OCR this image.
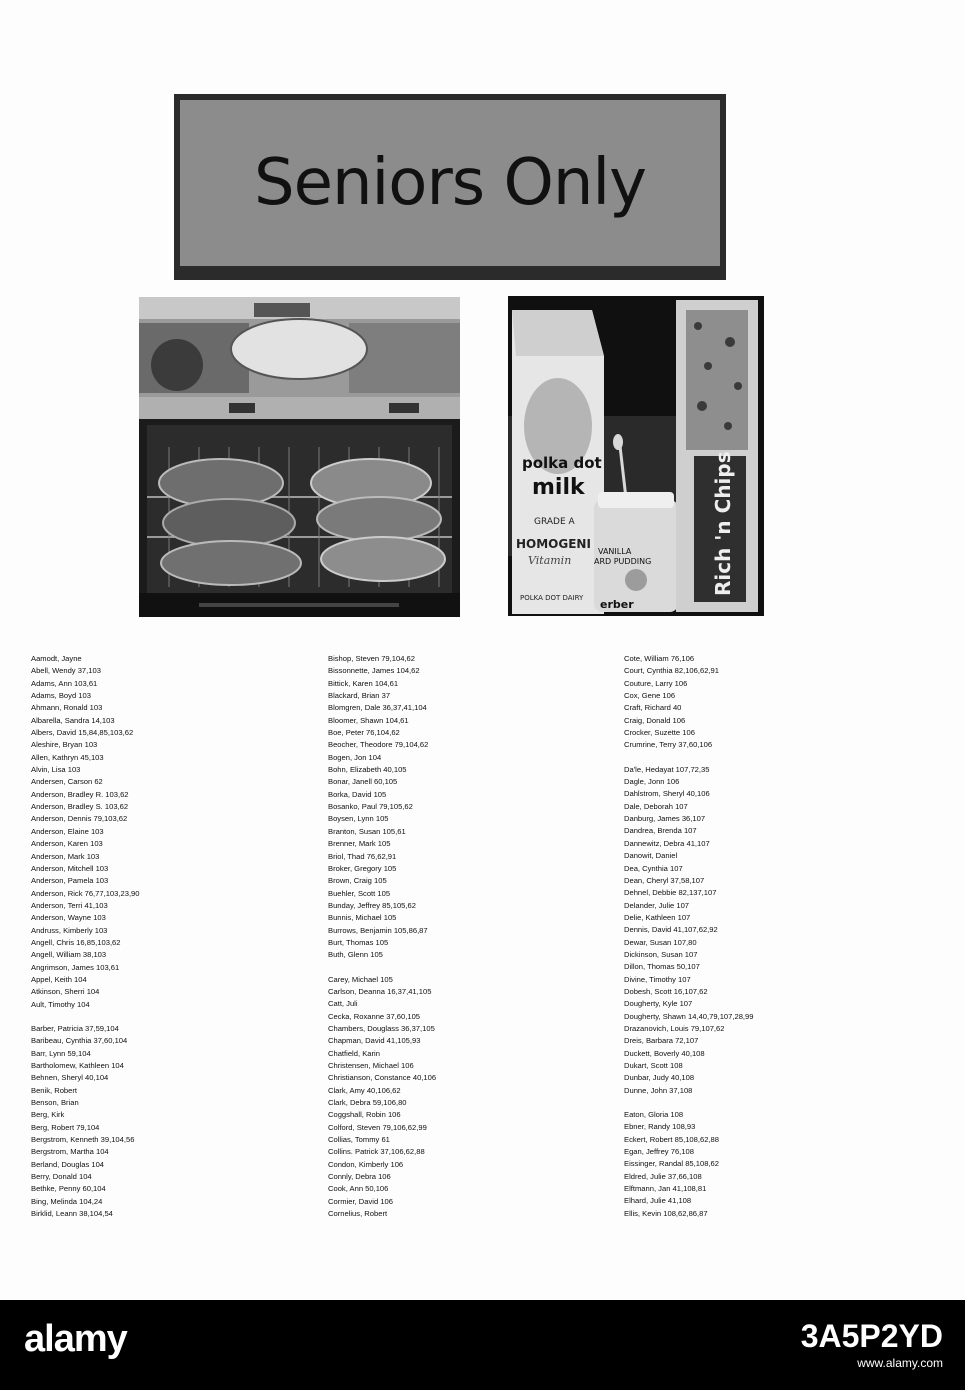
Seniors Only
polka dot
milk
GRADE A
HOMOGENI
Vitamin
POLKA DOT DAIRY
VANILLA
ARD PUDDING
erber
Rich 'n Chips
Aamodt, Jayne
Abell, Wendy 37,103
Adams, Ann 103,61
Adams, Boyd 103
Ahmann, Ronald 103
Albarella, Sandra 14,103
Albers, David 15,84,85,103,62
Aleshire, Bryan 103
Allen, Kathryn 45,103
Alvin, Lisa 103
Andersen, Carson 62
Anderson, Bradley R. 103,62
Anderson, Bradley S. 103,62
Anderson, Dennis 79,103,62
Anderson, Elaine 103
Anderson, Karen 103
Anderson, Mark 103
Anderson, Mitchell 103
Anderson, Pamela 103
Anderson, Rick 76,77,103,23,90
Anderson, Terri 41,103
Anderson, Wayne 103
Andruss, Kimberly 103
Angell, Chris 16,85,103,62
Angell, William 38,103
Angrimson, James 103,61
Appel, Keith 104
Atkinson, Sherri 104
Ault, Timothy 104
Barber, Patricia 37,59,104
Baribeau, Cynthia 37,60,104
Barr, Lynn 59,104
Bartholomew, Kathleen 104
Behnen, Sheryl 40,104
Benik, Robert
Benson, Brian
Berg, Kirk
Berg, Robert 79,104
Bergstrom, Kenneth 39,104,56
Bergstrom, Martha 104
Berland, Douglas 104
Berry, Donald 104
Bethke, Penny 60,104
Bing, Melinda 104,24
Birklid, Leann 38,104,54
Bishop, Steven 79,104,62
Bissonnette, James 104,62
Bittick, Karen 104,61
Blackard, Brian 37
Blomgren, Dale 36,37,41,104
Bloomer, Shawn 104,61
Boe, Peter 76,104,62
Beocher, Theodore 79,104,62
Bogen, Jon 104
Bohn, Elizabeth 40,105
Bonar, Janell 60,105
Borka, David 105
Bosanko, Paul 79,105,62
Boysen, Lynn 105
Branton, Susan 105,61
Brenner, Mark 105
Briol, Thad 76,62,91
Broker, Gregory 105
Brown, Craig 105
Buehler, Scott 105
Bunday, Jeffrey 85,105,62
Bunnis, Michael 105
Burrows, Benjamin 105,86,87
Burt, Thomas 105
Buth, Glenn 105
Carey, Michael 105
Carlson, Deanna 16,37,41,105
Catt, Juli
Cecka, Roxanne 37,60,105
Chambers, Douglass 36,37,105
Chapman, David 41,105,93
Chatfield, Karin
Christensen, Michael 106
Christianson, Constance 40,106
Clark, Amy 40,106,62
Clark, Debra 59,106,80
Coggshall, Robin 106
Colford, Steven 79,106,62,99
Collias, Tommy 61
Collins. Patrick 37,106,62,88
Condon, Kimberly 106
Connly, Debra 106
Cook, Ann 50,106
Cormier, David 106
Cornelius, Robert
Cote, William 76,106
Court, Cynthia 82,106,62,91
Couture, Larry 106
Cox, Gene 106
Craft, Richard 40
Craig, Donald 106
Crocker, Suzette 106
Crumrine, Terry 37,60,106
Da'le, Hedayat 107,72,35
Dagle, Jonn 106
Dahlstrom, Sheryl 40,106
Dale, Deborah 107
Danburg, James 36,107
Dandrea, Brenda 107
Dannewitz, Debra 41,107
Danowit, Daniel
Dea, Cynthia 107
Dean, Cheryl 37,58,107
Dehnel, Debbie 82,137,107
Delander, Julie 107
Delie, Kathleen 107
Dennis, David 41,107,62,92
Dewar, Susan 107,80
Dickinson, Susan 107
Dillon, Thomas 50,107
Divine, Timothy 107
Dobesh, Scott 16,107,62
Dougherty, Kyle 107
Dougherty, Shawn 14,40,79,107,28,99
Drazanovich, Louis 79,107,62
Dreis, Barbara 72,107
Duckett, Boverly 40,108
Dukart, Scott 108
Dunbar, Judy 40,108
Dunne, John 37,108
Eaton, Gloria 108
Ebner, Randy 108,93
Eckert, Robert 85,108,62,88
Egan, Jeffrey 76,108
Eissinger, Randal 85,108,62
Eldred, Julie 37,66,108
Elftmann, Jan 41,108,81
Elhard, Julie 41,108
Ellis, Kevin 108,62,86,87
alamy	3A5P2YD
www.alamy.com
